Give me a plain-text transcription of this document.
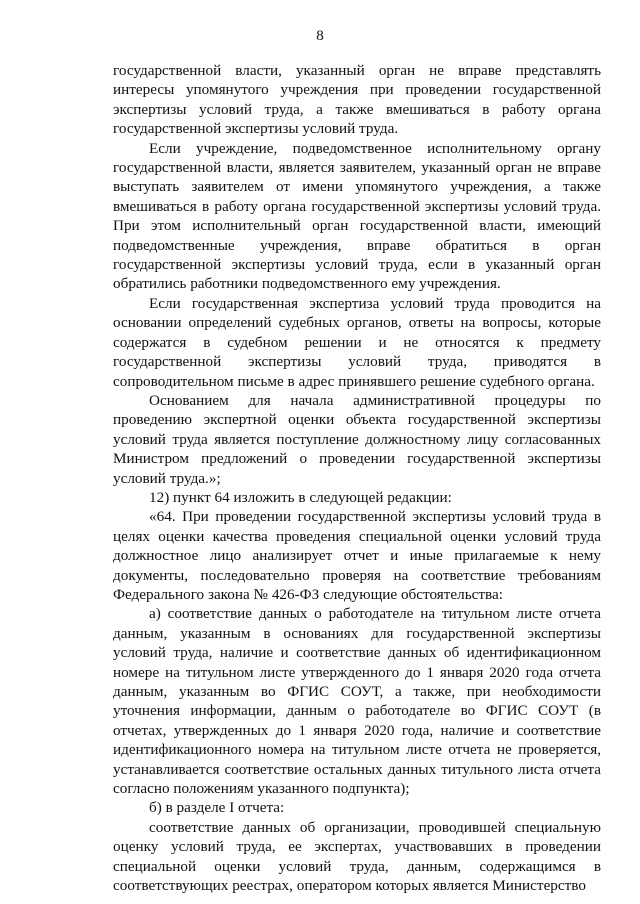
8

государственной власти, указанный орган не вправе представлять интересы упомянутого учреждения при проведении государственной экспертизы условий труда, а также вмешиваться в работу органа государственной экспертизы условий труда.

Если учреждение, подведомственное исполнительному органу государственной власти, является заявителем, указанный орган не вправе выступать заявителем от имени упомянутого учреждения, а также вмешиваться в работу органа государственной экспертизы условий труда. При этом исполнительный орган государственной власти, имеющий подведомственные учреждения, вправе обратиться в орган государственной экспертизы условий труда, если в указанный орган обратились работники подведомственного ему учреждения.

Если государственная экспертиза условий труда проводится на основании определений судебных органов, ответы на вопросы, которые содержатся в судебном решении и не относятся к предмету государственной экспертизы условий труда, приводятся в сопроводительном письме в адрес принявшего решение судебного органа.

Основанием для начала административной процедуры по проведению экспертной оценки объекта государственной экспертизы условий труда является поступление должностному лицу согласованных Министром предложений о проведении государственной экспертизы условий труда.»;

12) пункт 64 изложить в следующей редакции:

«64. При проведении государственной экспертизы условий труда в целях оценки качества проведения специальной оценки условий труда должностное лицо анализирует отчет и иные прилагаемые к нему документы, последовательно проверяя на соответствие требованиям Федерального закона № 426-ФЗ следующие обстоятельства:

а) соответствие данных о работодателе на титульном листе отчета данным, указанным в основаниях для государственной экспертизы условий труда, наличие и соответствие данных об идентификационном номере на титульном листе утвержденного до 1 января 2020 года отчета данным, указанным во ФГИС СОУТ, а также, при необходимости уточнения информации, данным о работодателе во ФГИС СОУТ (в отчетах, утвержденных до 1 января 2020 года, наличие и соответствие идентификационного номера на титульном листе отчета не проверяется, устанавливается соответствие остальных данных титульного листа отчета согласно положениям указанного подпункта);

б) в разделе I отчета:

соответствие данных об организации, проводившей специальную оценку условий труда, ее экспертах, участвовавших в проведении специальной оценки условий труда, данным, содержащимся в соответствующих реестрах, оператором которых является Министерство
